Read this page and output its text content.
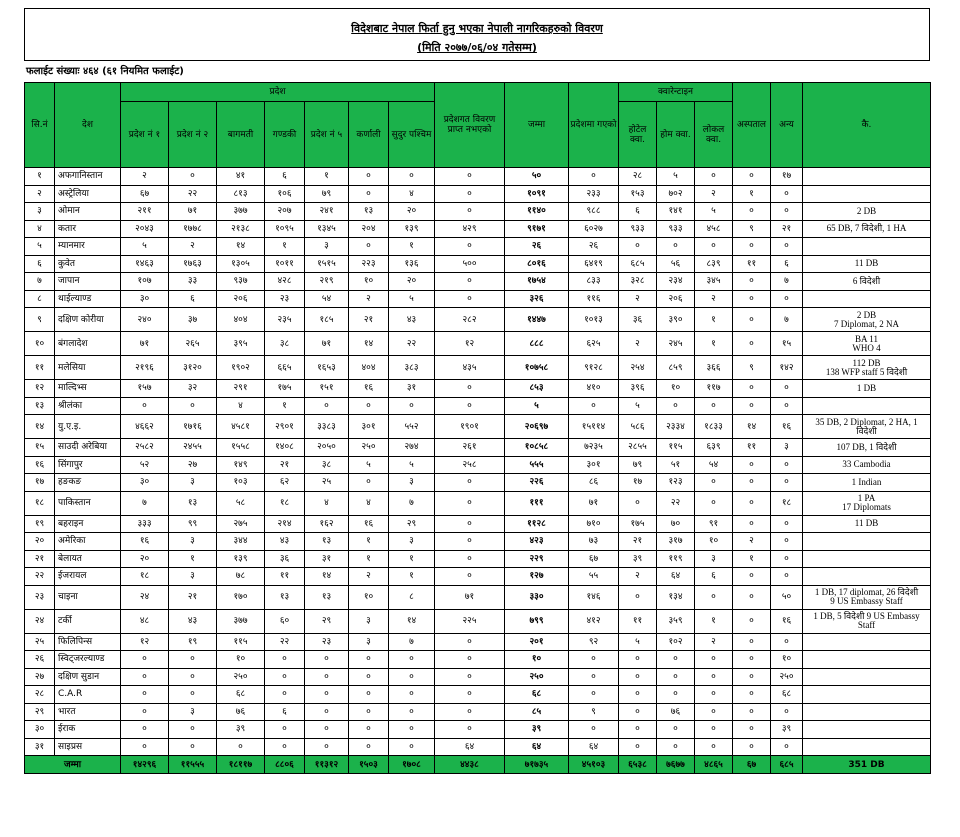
विदेशबाट नेपाल फिर्ता हुनु भएका नेपाली नागरिकहरुको विवरण
(मिति २०७७/०६/०४ गतेसम्म)
फलाईट संख्याः ४६४ (६१ नियमित फलाईट)
सि.नं	देश	प्रदेश							प्रदेशगत विवरण प्राप्त नभएको	जम्मा	प्रदेशमा गएको	क्वारेन्टाइन			अस्पताल	अन्य	कै.
		प्रदेश नं १	प्रदेश नं २	बागमती	गण्डकी	प्रदेश नं ५	कर्णाली	सुदुर पश्चिम				होटेल क्वा.	होम क्वा.	लोकल क्वा.			
१	अफगानिस्तान	२	०	४१	६	१	०	०	०	५०	०	२८	५	०	०	१७	
२	अस्ट्रेलिया	६७	२२	८१३	१०६	७९	०	४	०	१०९१	२३३	१५३	७०२	२	१	०	
३	ओमान	२११	७१	३७७	२०७	२४१	१३	२०	०	११४०	९८८	६	१४१	५	०	०	2 DB
४	कतार	२०४३	१७७८	२१३८	१०९५	१३४५	२०४	१३९	४२९	९१७१	६०२७	९३३	९३३	४५८	९	२१	65 DB, 7 विदेशी, 1 HA
५	म्यानमार	५	२	१४	१	३	०	१	०	२६	२६	०	०	०	०	०	
६	कुवेत	१४६३	१७६३	१३०५	१०११	१५१५	२२३	१३६	५००	८०१६	६४१९	६८५	५६	८३९	११	६	11 DB
७	जापान	१०७	३३	९३७	४२८	२१९	१०	२०	०	१७५४	८३३	३२८	२३४	३४५	०	७	6 विदेशी
८	थाईल्याण्ड	३०	६	२०६	२३	५४	२	५	०	३२६	११६	२	२०६	२	०	०	
९	दक्षिण कोरीया	२४०	३७	४०४	२३५	१८५	२१	४३	२८२	१४४७	१०१३	३६	३९०	१	०	७	2 DB
7 Diplomat, 2 NA
१०	बंगलादेश	७१	२६५	३९५	३८	७१	१४	२२	१२	८८८	६२५	२	२४५	१	०	१५	BA 11
WHO 4
११	मलेसिया	२१९६	३१२०	१९०२	६६५	१६५३	४०४	३८३	४३५	१०७५८	९१२८	२५४	८५९	३६६	९	१४२	112 DB
138 WFP staff 5 विदेशी
१२	माल्दिभ्स	१५७	३२	२९१	१७५	१५१	१६	३१	०	८५३	४१०	३९६	१०	११७	०	०	1 DB
१३	श्रीलंका	०	०	४	१	०	०	०	०	५	०	५	०	०	०	०	
१४	यु.ए.इ.	४६६२	१७१६	४५८१	२९०१	३३८३	३०१	५५२	१९०१	२०६९७	१५११४	५८६	२३३४	१८३३	१४	१६	35 DB, 2 Diplomat, 2 HA, 1 विदेशी
१५	साउदी अरेबिया	२५८२	२४५५	१५५८	१४०८	२०५०	२५०	२७४	२६१	१०८५८	७२३५	२८५५	११५	६३९	११	३	107 DB, 1 विदेशी
१६	सिंगापुर	५२	२७	१४९	२१	३८	५	५	२५८	५५५	३०१	७९	५१	५४	०	०	33 Cambodia
१७	हङकङ	३०	३	१०३	६२	२५	०	३	०	२२६	८६	१७	१२३	०	०	०	1 Indian
१८	पाकिस्तान	७	१३	५८	१८	४	४	७	०	१११	७१	०	२२	०	०	१८	1 PA
17 Diplomats
१९	बहराइन	३३३	९९	२७५	२१४	१६२	१६	२९	०	११२८	७१०	१७५	७०	९१	०	०	11 DB
२०	अमेरिका	१६	३	३४४	४३	१३	१	३	०	४२३	७३	२१	३१७	१०	२	०	
२१	बेलायत	२०	१	१३९	३६	३१	१	१	०	२२९	६७	३९	११९	३	१	०	
२२	ईजरायल	१८	३	७८	११	१४	२	१	०	१२७	५५	२	६४	६	०	०	
२३	चाइना	२४	२१	१७०	१३	१३	१०	८	७१	३३०	१४६	०	१३४	०	०	५०	1 DB, 17 diplomat, 26 विदेशी
9 US Embassy Staff
२४	टर्की	४८	४३	३७७	६०	२९	३	१४	२२५	७९९	४१२	११	३५९	१	०	१६	1 DB, 5 विदेशी 9 US Embassy
Staff
२५	फिलिपिन्स	१२	१९	११५	२२	२३	३	७	०	२०१	९२	५	१०२	२	०	०	
२६	स्विट्जरल्याण्ड	०	०	१०	०	०	०	०	०	१०	०	०	०	०	०	१०	
२७	दक्षिण सुडान	०	०	२५०	०	०	०	०	०	२५०	०	०	०	०	०	२५०	
२८	C.A.R	०	०	६८	०	०	०	०	०	६८	०	०	०	०	०	६८	
२९	भारत	०	३	७६	६	०	०	०	०	८५	९	०	७६	०	०	०	
३०	ईराक	०	०	३९	०	०	०	०	०	३९	०	०	०	०	०	३९	
३१	साइप्रस	०	०	०	०	०	०	०	६४	६४	६४	०	०	०	०	०	
जम्मा		१४२९६	११५५५	१८११७	८८०६	११३१२	१५०३	१७०८	४४३८	७१७३५	४५१०३	६५३८	७६७७	४८६५	६७	६८५	351 DB
